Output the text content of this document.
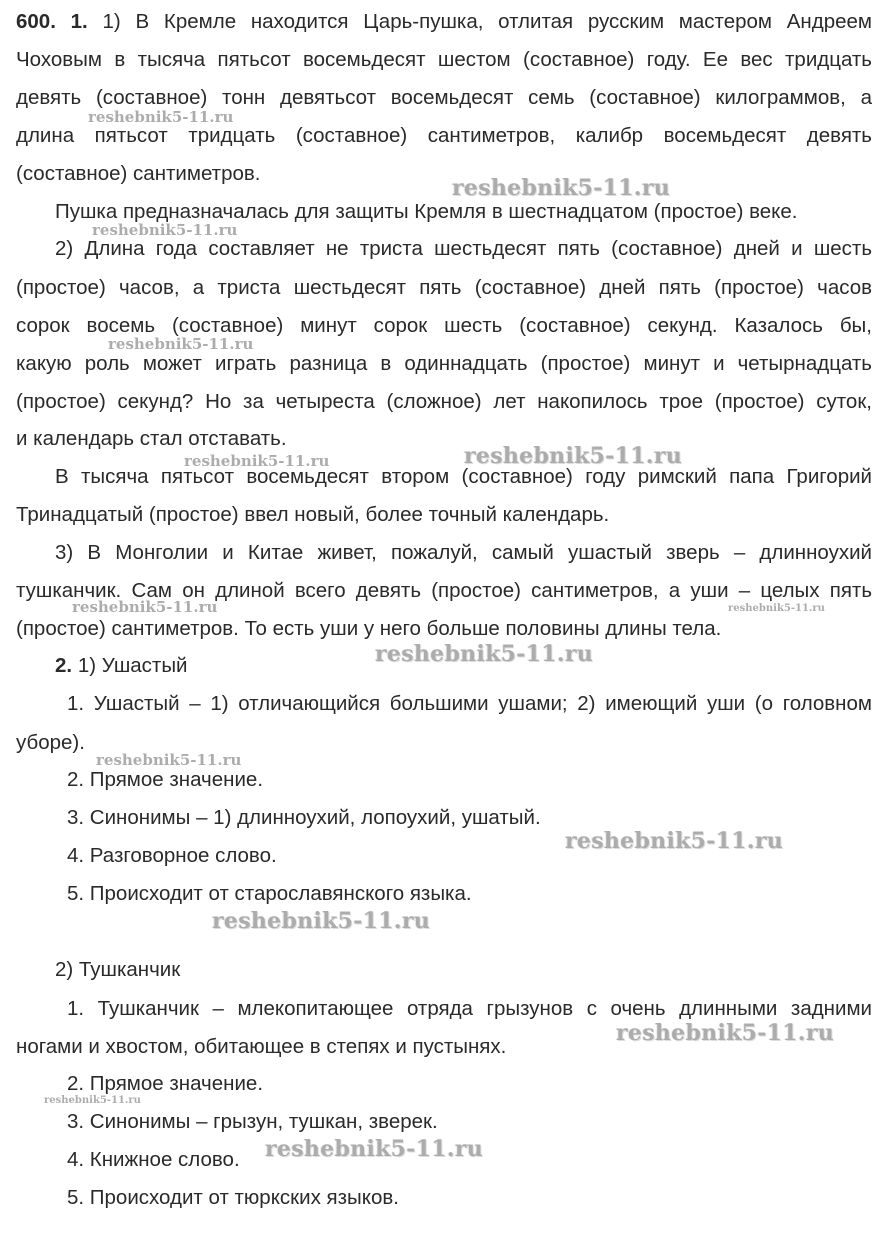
600. 1. 1) В Кремле находится Царь-пушка, отлитая русским мастером Андреем

Чоховым в тысяча пятьсот восемьдесят шестом (составное) году. Ее вес тридцать

девять (составное) тонн девятьсот восемьдесят семь (составное) килограммов, а

длина пятьсот тридцать (составное) сантиметров, калибр восемьдесят девять

(составное) сантиметров.

Пушка предназначалась для защиты Кремля в шестнадцатом (простое) веке.

2) Длина года составляет не триста шестьдесят пять (составное) дней и шесть

(простое) часов, а триста шестьдесят пять (составное) дней пять (простое) часов

сорок восемь (составное) минут сорок шесть (составное) секунд. Казалось бы,

какую роль может играть разница в одиннадцать (простое) минут и четырнадцать

(простое) секунд? Но за четыреста (сложное) лет накопилось трое (простое) суток,

и календарь стал отставать.

В тысяча пятьсот восемьдесят втором (составное) году римский папа Григорий

Тринадцатый (простое) ввел новый, более точный календарь.

3) В Монголии и Китае живет, пожалуй, самый ушастый зверь – длинноухий

тушканчик. Сам он длиной всего девять (простое) сантиметров, а уши – целых пять

(простое) сантиметров. То есть уши у него больше половины длины тела.

2. 1) Ушастый

1. Ушастый – 1) отличающийся большими ушами; 2) имеющий уши (о головном

уборе).

2. Прямое значение.

3. Синонимы – 1) длинноухий, лопоухий, ушатый.

4. Разговорное слово.

5. Происходит от старославянского языка.

2) Тушканчик

1. Тушканчик – млекопитающее отряда грызунов с очень длинными задними

ногами и хвостом, обитающее в степях и пустынях.

2. Прямое значение.

3. Синонимы – грызун, тушкан, зверек.

4. Книжное слово.

5. Происходит от тюркских языков.

reshebnik5-11.ru
reshebnik5-11.ru
reshebnik5-11.ru
reshebnik5-11.ru
reshebnik5-11.ru	reshebnik5-11.ru
reshebnik5-11.ru	reshebnik5-11.ru
reshebnik5-11.ru
reshebnik5-11.ru
reshebnik5-11.ru
reshebnik5-11.ru
reshebnik5-11.ru
reshebnik5-11.ru
reshebnik5-11.ru
